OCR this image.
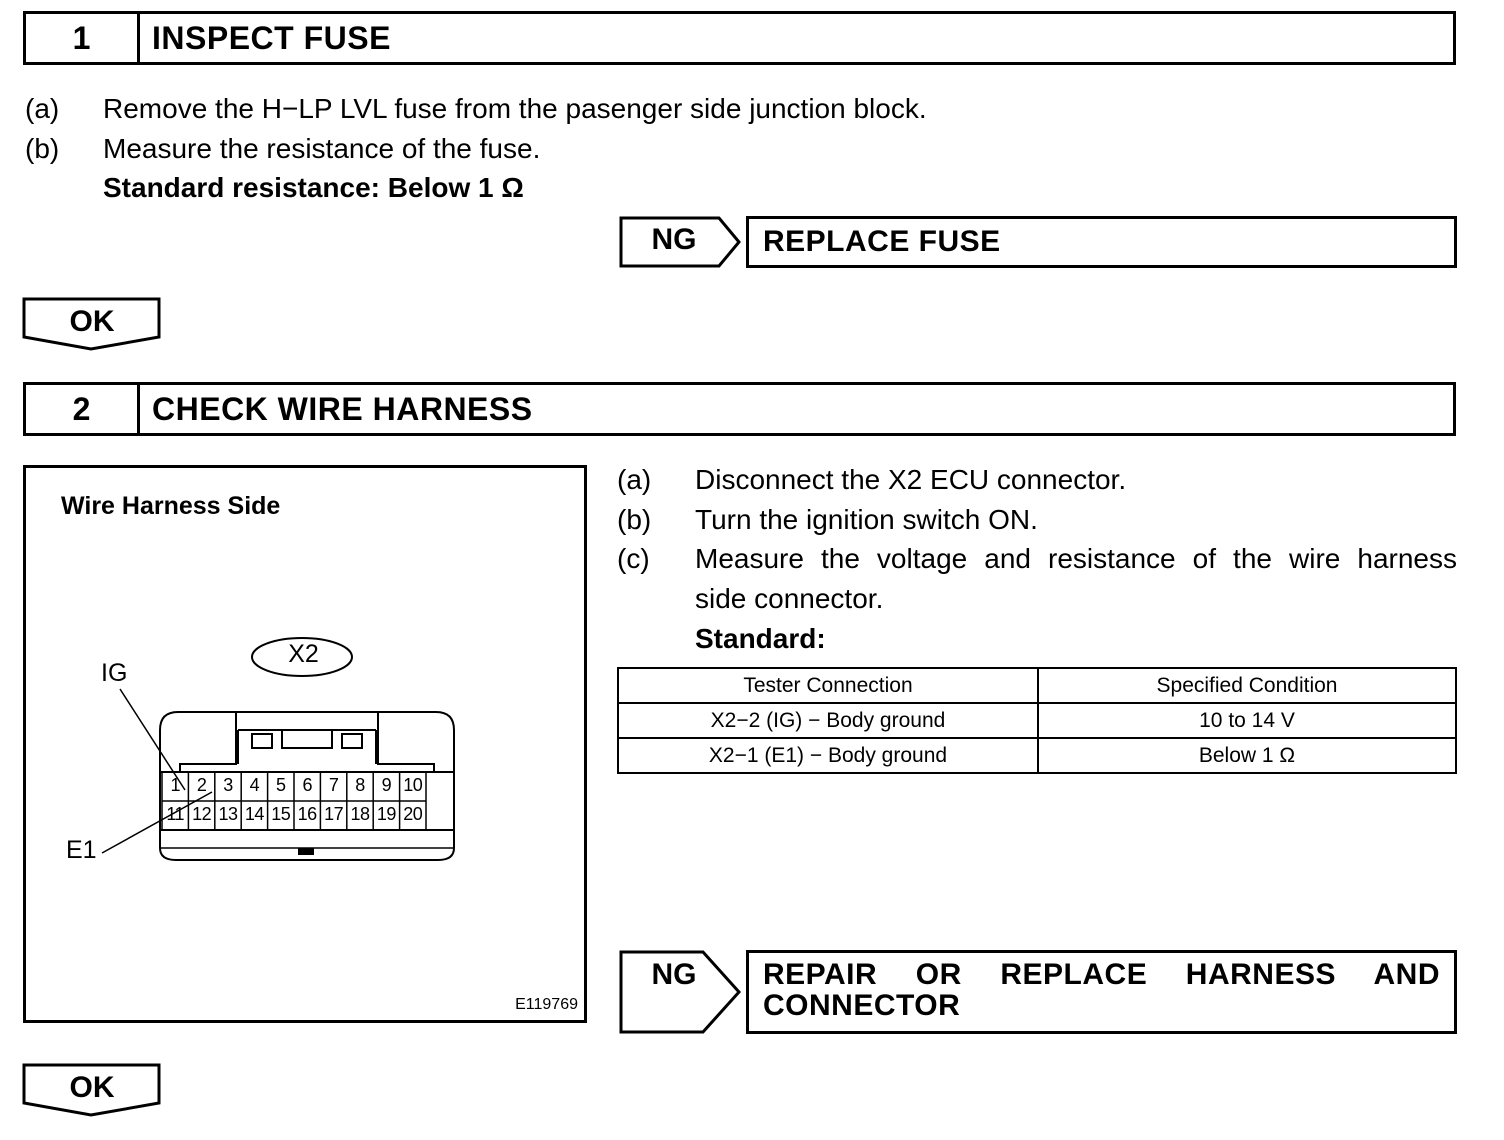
1	INSPECT FUSE
(a) Remove the H−LP LVL fuse from the pasenger side junction block.
(b) Measure the resistance of the fuse.
Standard resistance: Below 1 Ω
NG	REPLACE FUSE
OK
2	CHECK WIRE HARNESS
Wire Harness Side
X2
IG
E1
1 2 3 4 5 6 7 8 9 10
11 12 13 14 15 16 17 18 19 20
E119769
(a) Disconnect the X2 ECU connector.
(b) Turn the ignition switch ON.
(c) Measure the voltage and resistance of the wire harness
side connector.
Standard:
Tester Connection	Specified Condition
X2−2 (IG) − Body ground	10 to 14 V
X2−1 (E1) − Body ground	Below 1 Ω
NG	REPAIR OR REPLACE HARNESS AND
CONNECTOR
OK
